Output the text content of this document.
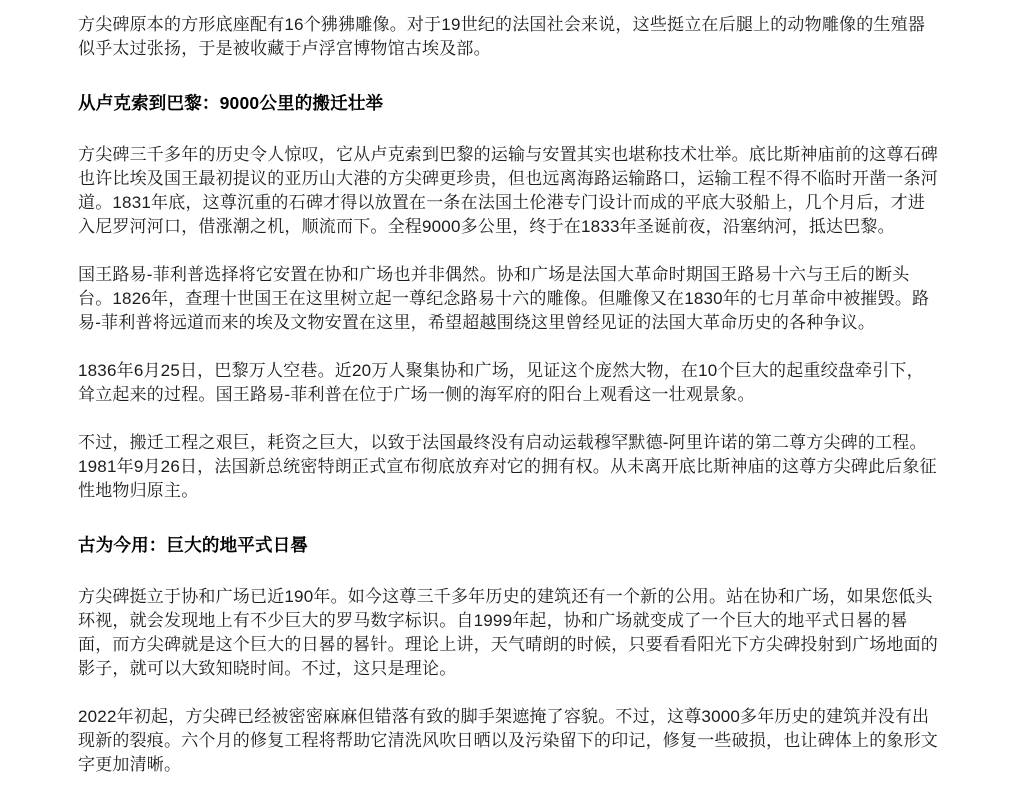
方尖碑原本的方形底座配有16个狒狒雕像。对于19世纪的法国社会来说，这些挺立在后腿上的动物雕像的生殖器似乎太过张扬，于是被收藏于卢浮宫博物馆古埃及部。

从卢克索到巴黎：9000公里的搬迁壮举

方尖碑三千多年的历史令人惊叹，它从卢克索到巴黎的运输与安置其实也堪称技术壮举。底比斯神庙前的这尊石碑也许比埃及国王最初提议的亚历山大港的方尖碑更珍贵，但也远离海路运输路口，运输工程不得不临时开凿一条河道。1831年底，这尊沉重的石碑才得以放置在一条在法国土伦港专门设计而成的平底大驳船上，几个月后，才进入尼罗河河口，借涨潮之机，顺流而下。全程9000多公里，终于在1833年圣诞前夜，沿塞纳河，抵达巴黎。

国王路易-菲利普选择将它安置在协和广场也并非偶然。协和广场是法国大革命时期国王路易十六与王后的断头台。1826年，查理十世国王在这里树立起一尊纪念路易十六的雕像。但雕像又在1830年的七月革命中被摧毁。路易-菲利普将远道而来的埃及文物安置在这里，希望超越围绕这里曾经见证的法国大革命历史的各种争议。

1836年6月25日，巴黎万人空巷。近20万人聚集协和广场，见证这个庞然大物，在10个巨大的起重绞盘牵引下，耸立起来的过程。国王路易-菲利普在位于广场一侧的海军府的阳台上观看这一壮观景象。

不过，搬迁工程之艰巨，耗资之巨大，以致于法国最终没有启动运载穆罕默德-阿里许诺的第二尊方尖碑的工程。1981年9月26日，法国新总统密特朗正式宣布彻底放弃对它的拥有权。从未离开底比斯神庙的这尊方尖碑此后象征性地物归原主。

古为今用：巨大的地平式日晷

方尖碑挺立于协和广场已近190年。如今这尊三千多年历史的建筑还有一个新的公用。站在协和广场，如果您低头环视，就会发现地上有不少巨大的罗马数字标识。自1999年起，协和广场就变成了一个巨大的地平式日晷的晷面，而方尖碑就是这个巨大的日晷的晷针。理论上讲，天气晴朗的时候，只要看看阳光下方尖碑投射到广场地面的影子，就可以大致知晓时间。不过，这只是理论。

2022年初起，方尖碑已经被密密麻麻但错落有致的脚手架遮掩了容貌。不过，这尊3000多年历史的建筑并没有出现新的裂痕。六个月的修复工程将帮助它清洗风吹日晒以及污染留下的印记，修复一些破损，也让碑体上的象形文字更加清晰。
